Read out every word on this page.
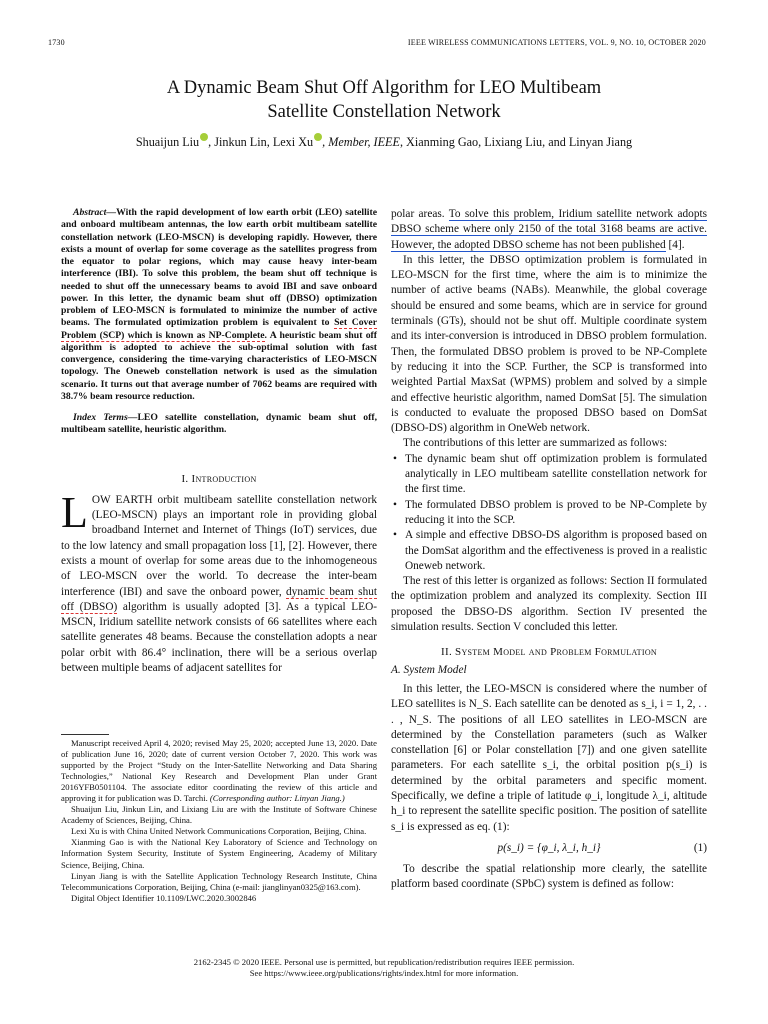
1730	IEEE WIRELESS COMMUNICATIONS LETTERS, VOL. 9, NO. 10, OCTOBER 2020
A Dynamic Beam Shut Off Algorithm for LEO Multibeam
Satellite Constellation Network
Shuaijun Liu , Jinkun Lin, Lexi Xu , Member, IEEE, Xianming Gao, Lixiang Liu, and Linyan Jiang

Abstract—With the rapid development of low earth orbit (LEO) satellite and onboard multibeam antennas, the low earth orbit multibeam satellite constellation network (LEO-MSCN) is developing rapidly. However, there exists a mount of overlap for some coverage as the satellites progress from the equator to polar regions, which may cause heavy inter-beam interference (IBI). To solve this problem, the beam shut off technique is needed to shut off the unnecessary beams to avoid IBI and save onboard power. In this letter, the dynamic beam shut off (DBSO) optimization problem of LEO-MSCN is formulated to minimize the number of active beams. The formulated optimization problem is equivalent to Set Cover Problem (SCP) which is known as NP-Complete. A heuristic beam shut off algorithm is adopted to achieve the sub-optimal solution with fast convergence, considering the time-varying characteristics of LEO-MSCN topology. The Oneweb constellation network is used as the simulation scenario. It turns out that average number of 7062 beams are required with 38.7% beam resource reduction.

Index Terms—LEO satellite constellation, dynamic beam shut off, multibeam satellite, heuristic algorithm.

I. Introduction

LOW EARTH orbit multibeam satellite constellation network (LEO-MSCN) plays an important role in providing global broadband Internet and Internet of Things (IoT) services, due to the low latency and small propagation loss [1], [2]. However, there exists a mount of overlap for some areas due to the inhomogeneous of LEO-MSCN over the world. To decrease the inter-beam interference (IBI) and save the onboard power, dynamic beam shut off (DBSO) algorithm is usually adopted [3]. As a typical LEO-MSCN, Iridium satellite network consists of 66 satellites where each satellite generates 48 beams. Because the constellation adopts a near polar orbit with 86.4° inclination, there will be a serious overlap between multiple beams of adjacent satellites for

Manuscript received April 4, 2020; revised May 25, 2020; accepted June 13, 2020. Date of publication June 16, 2020; date of current version October 7, 2020. This work was supported by the Project “Study on the Inter-Satellite Networking and Data Sharing Technologies,” National Key Research and Development Plan under Grant 2016YFB0501104. The associate editor coordinating the review of this article and approving it for publication was D. Tarchi. (Corresponding author: Linyan Jiang.)

Shuaijun Liu, Jinkun Lin, and Lixiang Liu are with the Institute of Software Chinese Academy of Sciences, Beijing, China.

Lexi Xu is with China United Network Communications Corporation, Beijing, China.

Xianming Gao is with the National Key Laboratory of Science and Technology on Information System Security, Institute of System Engineering, Academy of Military Science, Beijing, China.

Linyan Jiang is with the Satellite Application Technology Research Institute, China Telecommunications Corporation, Beijing, China (e-mail: jianglinyan0325@163.com).

Digital Object Identifier 10.1109/LWC.2020.3002846

polar areas. To solve this problem, Iridium satellite network adopts DBSO scheme where only 2150 of the total 3168 beams are active. However, the adopted DBSO scheme has not been published [4].

In this letter, the DBSO optimization problem is formulated in LEO-MSCN for the first time, where the aim is to minimize the number of active beams (NABs). Meanwhile, the global coverage should be ensured and some beams, which are in service for ground terminals (GTs), should not be shut off. Multiple coordinate system and its inter-conversion is introduced in DBSO problem formulation. Then, the formulated DBSO problem is proved to be NP-Complete by reducing it into the SCP. Further, the SCP is transformed into weighted Partial MaxSat (WPMS) problem and solved by a simple and effective heuristic algorithm, named DomSat [5]. The simulation is conducted to evaluate the proposed DBSO based on DomSat (DBSO-DS) algorithm in OneWeb network.

The contributions of this letter are summarized as follows:

• The dynamic beam shut off optimization problem is formulated analytically in LEO multibeam satellite constellation network for the first time.
• The formulated DBSO problem is proved to be NP-Complete by reducing it into the SCP.
• A simple and effective DBSO-DS algorithm is proposed based on the DomSat algorithm and the effectiveness is proved in a realistic Oneweb network.

The rest of this letter is organized as follows: Section II formulated the optimization problem and analyzed its complexity. Section III proposed the DBSO-DS algorithm. Section IV presented the simulation results. Section V concluded this letter.

II. System Model and Problem Formulation

A. System Model

In this letter, the LEO-MSCN is considered where the number of LEO satellites is N_S. Each satellite can be denoted as s_i, i = 1, 2, . . . , N_S. The positions of all LEO satellites in LEO-MSCN are determined by the Constellation parameters (such as Walker constellation [6] or Polar constellation [7]) and one given satellite parameters. For each satellite s_i, the orbital position p(s_i) is determined by the orbital parameters and specific moment. Specifically, we define a triple of latitude φ_i, longitude λ_i, altitude h_i to represent the satellite specific position. The position of satellite s_i is expressed as eq. (1):

p(s_i) = {φ_i, λ_i, h_i}	(1)

To describe the spatial relationship more clearly, the satellite platform based coordinate (SPbC) system is defined as follow:

2162-2345 © 2020 IEEE. Personal use is permitted, but republication/redistribution requires IEEE permission.
See https://www.ieee.org/publications/rights/index.html for more information.
